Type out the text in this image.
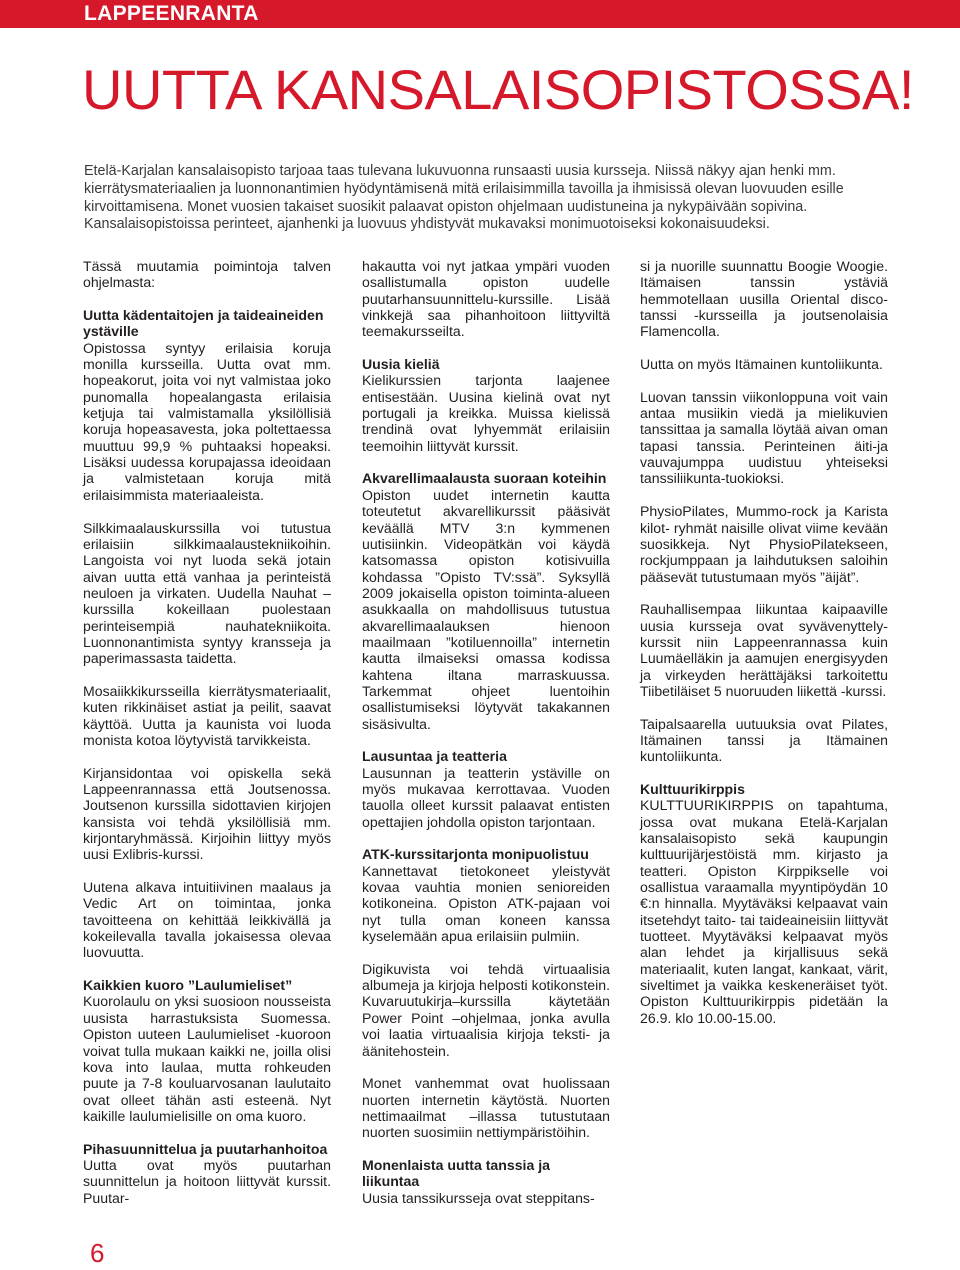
LAPPEENRANTA
UUTTA KANSALAISOPISTOSSA!

Etelä-Karjalan kansalaisopisto tarjoaa taas tulevana lukuvuonna runsaasti uusia kursseja. Niissä näkyy ajan henki mm. kierrätysmateriaalien ja luonnonantimien hyödyntämisenä mitä erilaisimmilla tavoilla ja ihmisissä olevan luovuuden esille kirvoittamisena. Monet vuosien takaiset suosikit palaavat opiston ohjelmaan uudistuneina ja nykypäivään sopivina. Kansalaisopistoissa perinteet, ajanhenki ja luovuus yhdistyvät mukavaksi monimuotoiseksi kokonaisuudeksi.

Tässä muutamia poimintoja talven ohjelmasta:

Uutta kädentaitojen ja taideaineiden ystäville

Opistossa syntyy erilaisia koruja monilla kursseilla. Uutta ovat mm. hopeakorut, joita voi nyt valmistaa joko punomalla hopealangasta erilaisia ketjuja tai valmistamalla yksilöllisiä koruja hopeasavesta, joka poltettaessa muuttuu 99,9 % puhtaaksi hopeaksi. Lisäksi uudessa korupajassa ideoidaan ja valmistetaan koruja mitä erilaisimmista materiaaleista.

Silkkimaalauskurssilla voi tutustua erilaisiin silkkimaalaustekniikoihin. Langoista voi nyt luoda sekä jotain aivan uutta että vanhaa ja perinteistä neuloen ja virkaten. Uudella Nauhat –kurssilla kokeillaan puolestaan perinteisempiä nauhatekniikoita. Luonnonantimista syntyy kransseja ja paperimassasta taidetta.

Mosaiikkikursseilla kierrätysmateriaalit, kuten rikkinäiset astiat ja peilit, saavat käyttöä. Uutta ja kaunista voi luoda monista kotoa löytyvistä tarvikkeista.

Kirjansidontaa voi opiskella sekä Lappeenrannassa että Joutsenossa. Joutsenon kurssilla sidottavien kirjojen kansista voi tehdä yksilöllisiä mm. kirjontaryhmässä. Kirjoihin liittyy myös uusi Exlibris-kurssi.

Uutena alkava intuitiivinen maalaus ja Vedic Art on toimintaa, jonka tavoitteena on kehittää leikkivällä ja kokeilevalla tavalla jokaisessa olevaa luovuutta.

Kaikkien kuoro ”Laulumieliset”

Kuorolaulu on yksi suosioon nousseista uusista harrastuksista Suomessa. Opiston uuteen Laulumieliset -kuoroon voivat tulla mukaan kaikki ne, joilla olisi kova into laulaa, mutta rohkeuden puute ja 7-8 kouluarvosanan laulutaito ovat olleet tähän asti esteenä. Nyt kaikille laulumielisille on oma kuoro.

Pihasuunnittelua ja puutarhanhoitoa

Uutta ovat myös puutarhan suunnittelun ja hoitoon liittyvät kurssit. Puutar-

hakautta voi nyt jatkaa ympäri vuoden osallistumalla opiston uudelle puutarhansuunnittelu-kurssille. Lisää vinkkejä saa pihanhoitoon liittyviltä teemakursseilta.

Uusia kieliä

Kielikurssien tarjonta laajenee entisestään. Uusina kielinä ovat nyt portugali ja kreikka. Muissa kielissä trendinä ovat lyhyemmät erilaisiin teemoihin liittyvät kurssit.

Akvarellimaalausta suoraan koteihin

Opiston uudet internetin kautta toteutetut akvarellikurssit pääsivät keväällä MTV 3:n kymmenen uutisiinkin. Videopätkän voi käydä katsomassa opiston kotisivuilla kohdassa ”Opisto TV:ssä”. Syksyllä 2009 jokaisella opiston toiminta-alueen asukkaalla on mahdollisuus tutustua akvarellimaalauksen hienoon maailmaan ”kotiluennoilla” internetin kautta ilmaiseksi omassa kodissa kahtena iltana marraskuussa. Tarkemmat ohjeet luentoihin osallistumiseksi löytyvät takakannen sisäsivulta.

Lausuntaa ja teatteria

Lausunnan ja teatterin ystäville on myös mukavaa kerrottavaa. Vuoden tauolla olleet kurssit palaavat entisten opettajien johdolla opiston tarjontaan.

ATK-kurssitarjonta monipuolistuu

Kannettavat tietokoneet yleistyvät kovaa vauhtia monien senioreiden kotikoneina. Opiston ATK-pajaan voi nyt tulla oman koneen kanssa kyselemään apua erilaisiin pulmiin.

Digikuvista voi tehdä virtuaalisia albumeja ja kirjoja helposti kotikonstein. Kuvaruutukirja–kurssilla käytetään Power Point –ohjelmaa, jonka avulla voi laatia virtuaalisia kirjoja teksti- ja äänitehostein.

Monet vanhemmat ovat huolissaan nuorten internetin käytöstä. Nuorten nettimaailmat –illassa tutustutaan nuorten suosimiin nettiympäristöihin.

Monenlaista uutta tanssia ja liikuntaa

Uusia tanssikursseja ovat steppitans-

si ja nuorille suunnattu Boogie Woogie. Itämaisen tanssin ystäviä hemmotellaan uusilla Oriental disco-tanssi -kursseilla ja joutsenolaisia Flamencolla.

Uutta on myös Itämainen kuntoliikunta.

Luovan tanssin viikonloppuna voit vain antaa musiikin viedä ja mielikuvien tanssittaa ja samalla löytää aivan oman tapasi tanssia. Perinteinen äiti-ja vauvajumppa uudistuu yhteiseksi tanssiliikunta-tuokioksi.

PhysioPilates, Mummo-rock ja Karista kilot- ryhmät naisille olivat viime kevään suosikkeja. Nyt PhysioPilatekseen, rockjumppaan ja laihdutuksen saloihin pääsevät tutustumaan myös ”äijät”.

Rauhallisempaa liikuntaa kaipaaville uusia kursseja ovat syvävenyttely-kurssit niin Lappeenrannassa kuin Luumäelläkin ja aamujen energisyyden ja virkeyden herättäjäksi tarkoitettu Tiibetiläiset 5 nuoruuden liikettä -kurssi.

Taipalsaarella uutuuksia ovat Pilates, Itämainen tanssi ja Itämainen kuntoliikunta.

Kulttuurikirppis

KULTTUURIKIRPPIS on tapahtuma, jossa ovat mukana Etelä-Karjalan kansalaisopisto sekä kaupungin kulttuurijärjestöistä mm. kirjasto ja teatteri. Opiston Kirppikselle voi osallistua varaamalla myyntipöydän 10 €:n hinnalla. Myytäväksi kelpaavat vain itsetehdyt taito- tai taideaineisiin liittyvät tuotteet. Myytäväksi kelpaavat myös alan lehdet ja kirjallisuus sekä materiaalit, kuten langat, kankaat, värit, siveltimet ja vaikka keskeneräiset työt. Opiston Kulttuurikirppis pidetään la 26.9. klo 10.00-15.00.

6
